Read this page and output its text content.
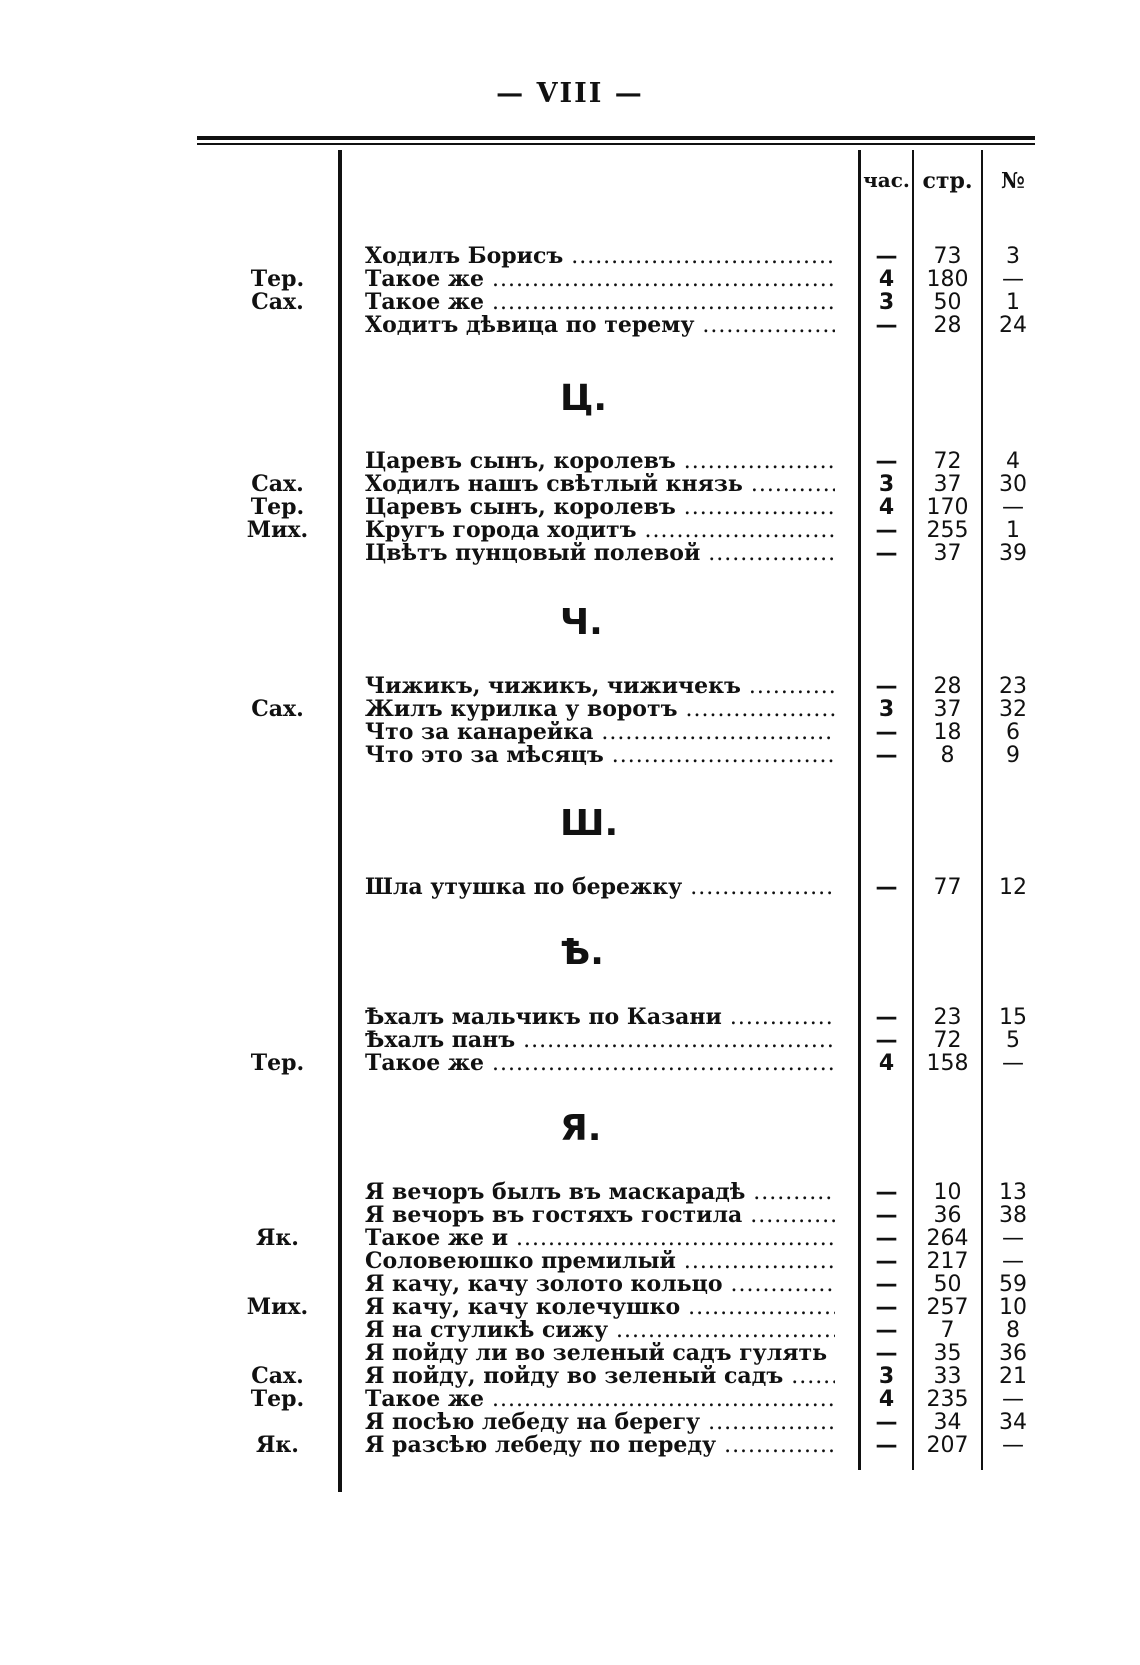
— VIII —
час. стр.	№
Ходилъ Борисъ .....	—	73	3
Тер.	Такое же .....	4	180	—
Сах.	Такое же .....	3	50	1
Ходитъ дѣвица по терему .....	—	28	24
Ц.
Царевъ сынъ, королевъ .....	—	72	4
Сах.	Ходилъ нашъ свѣтлый князь .....	3	37	30
Тер.	Царевъ сынъ, королевъ .....	4	170	—
Мих.	Кругъ города ходитъ .....	—	255	1
Цвѣтъ пунцовый полевой .....	—	37	39
Ч.
Чижикъ, чижикъ, чижичекъ .....	—	28	23
Сах.	Жилъ курилка у воротъ .....	3	37	32
Что за канарейка .....	—	18	6
Что это за мѣсяцъ .....	—	8	9
Ш.
Шла утушка по бережку .....	—	77	12
Ѣ.
Ѣхалъ мальчикъ по Казани .....	—	23	15
Ѣхалъ панъ .....	—	72	5
Тер.	Такое же .....	4	158	—
Я.
Я вечоръ былъ въ маскарадѣ .....	—	10	13
Я вечоръ въ гостяхъ гостила .....	—	36	38
Як.	Такое же и .....	—	264	—
Соловеюшко премилый .....	—	217	—
Я качу, качу золото кольцо .....	—	50	59
Мих.	Я качу, качу колечушко .....	—	257	10
Я на стуликѣ сижу .....	—	7	8
Я пойду ли во зеленый садъ гулять .....	—	35	36
Сах.	Я пойду, пойду во зеленый садъ .....	3	33	21
Тер.	Такое же .....	4	235	—
Я посѣю лебеду на берегу .....	—	34	34
Як.	Я разсѣю лебеду по переду .....	—	207	—
